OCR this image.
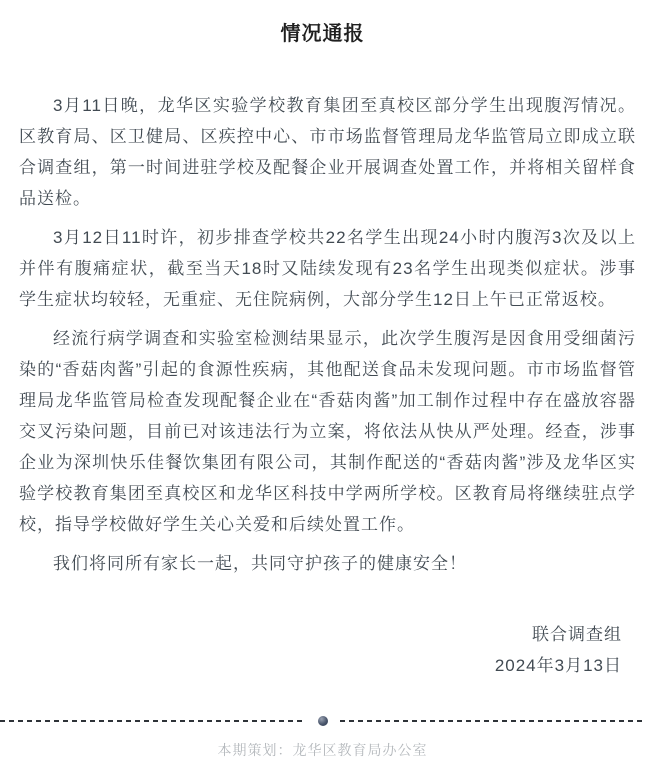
情况通报

3月11日晚，龙华区实验学校教育集团至真校区部分学生出现腹泻情况。区教育局、区卫健局、区疾控中心、市市场监督管理局龙华监管局立即成立联合调查组，第一时间进驻学校及配餐企业开展调查处置工作，并将相关留样食品送检。

3月12日11时许，初步排查学校共22名学生出现24小时内腹泻3次及以上并伴有腹痛症状，截至当天18时又陆续发现有23名学生出现类似症状。涉事学生症状均较轻，无重症、无住院病例，大部分学生12日上午已正常返校。

经流行病学调查和实验室检测结果显示，此次学生腹泻是因食用受细菌污染的“香菇肉酱”引起的食源性疾病，其他配送食品未发现问题。市市场监督管理局龙华监管局检查发现配餐企业在“香菇肉酱”加工制作过程中存在盛放容器交叉污染问题，目前已对该违法行为立案，将依法从快从严处理。经查，涉事企业为深圳快乐佳餐饮集团有限公司，其制作配送的“香菇肉酱”涉及龙华区实验学校教育集团至真校区和龙华区科技中学两所学校。区教育局将继续驻点学校，指导学校做好学生关心关爱和后续处置工作。

我们将同所有家长一起，共同守护孩子的健康安全！

联合调查组

2024年3月13日

本期策划：龙华区教育局办公室
